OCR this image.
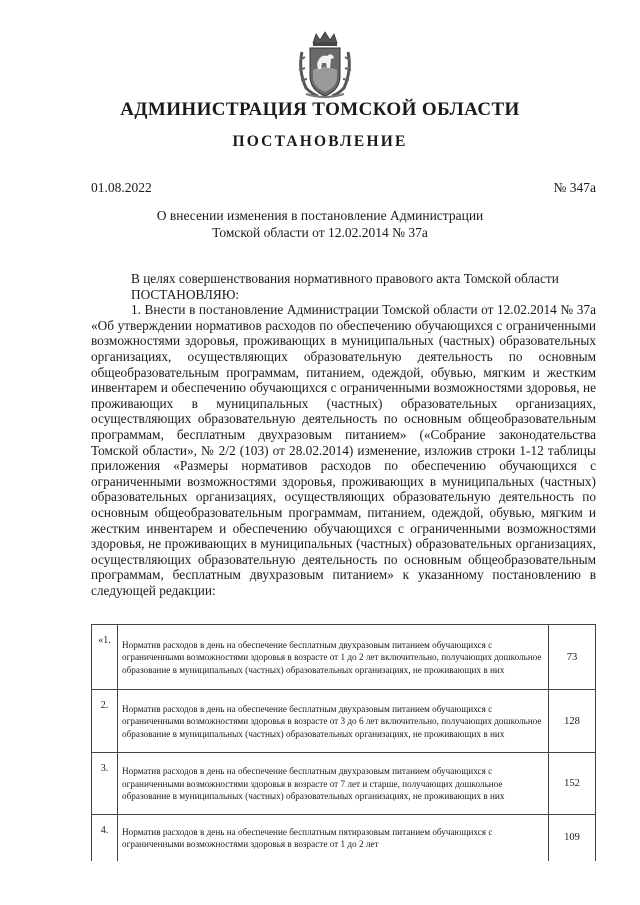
АДМИНИСТРАЦИЯ ТОМСКОЙ ОБЛАСТИ
ПОСТАНОВЛЕНИЕ
01.08.2022	№ 347а
О внесении изменения в постановление Администрации
Томской области от 12.02.2014 № 37а

В целях совершенствования нормативного правового акта Томской области

ПОСТАНОВЛЯЮ:

1. Внести в постановление Администрации Томской области от 12.02.2014 № 37а «Об утверждении нормативов расходов по обеспечению обучающихся с ограниченными возможностями здоровья, проживающих в муниципальных (частных) образовательных организациях, осуществляющих образовательную деятельность по основным общеобразовательным программам, питанием, одеждой, обувью, мягким и жестким инвентарем и обеспечению обучающихся с ограниченными возможностями здоровья, не проживающих в муниципальных (частных) образовательных организациях, осуществляющих образовательную деятельность по основным общеобразовательным программам, бесплатным двухразовым питанием» («Собрание законодательства Томской области», № 2/2 (103) от 28.02.2014) изменение, изложив строки 1-12 таблицы приложения «Размеры нормативов расходов по обеспечению обучающихся с ограниченными возможностями здоровья, проживающих в муниципальных (частных) образовательных организациях, осуществляющих образовательную деятельность по основным общеобразовательным программам, питанием, одеждой, обувью, мягким и жестким инвентарем и обеспечению обучающихся с ограниченными возможностями здоровья, не проживающих в муниципальных (частных) образовательных организациях, осуществляющих образовательную деятельность по основным общеобразовательным программам, бесплатным двухразовым питанием» к указанному постановлению в следующей редакции:

«1.	Норматив расходов в день на обеспечение бесплатным двухразовым питанием обучающихся с ограниченными возможностями здоровья в возрасте от 1 до 2 лет включительно, получающих дошкольное образование в муниципальных (частных) образовательных организациях, не проживающих в них	73
2.	Норматив расходов в день на обеспечение бесплатным двухразовым питанием обучающихся с ограниченными возможностями здоровья в возрасте от 3 до 6 лет включительно, получающих дошкольное образование в муниципальных (частных) образовательных организациях, не проживающих в них	128
3.	Норматив расходов в день на обеспечение бесплатным двухразовым питанием обучающихся с ограниченными возможностями здоровья в возрасте от 7 лет и старше, получающих дошкольное образование в муниципальных (частных) образовательных организациях, не проживающих в них	152
4.	Норматив расходов в день на обеспечение бесплатным пятиразовым питанием обучающихся с ограниченными возможностями здоровья в возрасте от 1 до 2 лет	109
